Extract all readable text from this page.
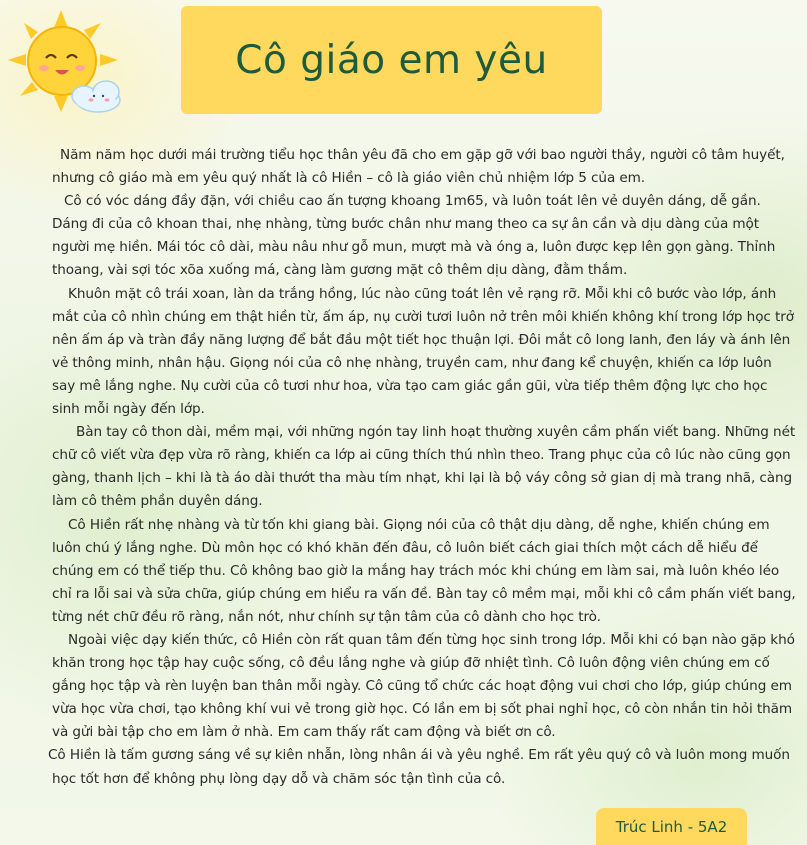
Cô giáo em yêu

Năm năm học dưới mái trường tiểu học thân yêu đã cho em gặp gỡ với bao người thầy, người cô tâm huyết, nhưng cô giáo mà em yêu quý nhất là cô Hiền – cô là giáo viên chủ nhiệm lớp 5 của em.

Cô có vóc dáng đầy đặn, với chiều cao ấn tượng khoang 1m65, và luôn toát lên vẻ duyên dáng, dễ gần. Dáng đi của cô khoan thai, nhẹ nhàng, từng bước chân như mang theo ca sự ân cần và dịu dàng của một người mẹ hiền. Mái tóc cô dài, màu nâu như gỗ mun, mượt mà và óng a, luôn được kẹp lên gọn gàng. Thỉnh thoang, vài sợi tóc xõa xuống má, càng làm gương mặt cô thêm dịu dàng, đằm thắm.

Khuôn mặt cô trái xoan, làn da trắng hồng, lúc nào cũng toát lên vẻ rạng rỡ. Mỗi khi cô bước vào lớp, ánh mắt của cô nhìn chúng em thật hiền từ, ấm áp, nụ cười tươi luôn nở trên môi khiến không khí trong lớp học trở nên ấm áp và tràn đầy năng lượng để bắt đầu một tiết học thuận lợi. Đôi mắt cô long lanh, đen láy và ánh lên vẻ thông minh, nhân hậu. Giọng nói của cô nhẹ nhàng, truyền cam, như đang kể chuyện, khiến ca lớp luôn say mê lắng nghe. Nụ cười của cô tươi như hoa, vừa tạo cam giác gần gũi, vừa tiếp thêm động lực cho học sinh mỗi ngày đến lớp.

Bàn tay cô thon dài, mềm mại, với những ngón tay linh hoạt thường xuyên cầm phấn viết bang. Những nét chữ cô viết vừa đẹp vừa rõ ràng, khiến ca lớp ai cũng thích thú nhìn theo. Trang phục của cô lúc nào cũng gọn gàng, thanh lịch – khi là tà áo dài thướt tha màu tím nhạt, khi lại là bộ váy công sở gian dị mà trang nhã, càng làm cô thêm phần duyên dáng.

Cô Hiền rất nhẹ nhàng và từ tốn khi giang bài. Giọng nói của cô thật dịu dàng, dễ nghe, khiến chúng em luôn chú ý lắng nghe. Dù môn học có khó khăn đến đâu, cô luôn biết cách giai thích một cách dễ hiểu để chúng em có thể tiếp thu. Cô không bao giờ la mắng hay trách móc khi chúng em làm sai, mà luôn khéo léo chỉ ra lỗi sai và sửa chữa, giúp chúng em hiểu ra vấn đề. Bàn tay cô mềm mại, mỗi khi cô cầm phấn viết bang, từng nét chữ đều rõ ràng, nắn nót, như chính sự tận tâm của cô dành cho học trò.

Ngoài việc dạy kiến thức, cô Hiền còn rất quan tâm đến từng học sinh trong lớp. Mỗi khi có bạn nào gặp khó khăn trong học tập hay cuộc sống, cô đều lắng nghe và giúp đỡ nhiệt tình. Cô luôn động viên chúng em cố gắng học tập và rèn luyện ban thân mỗi ngày. Cô cũng tổ chức các hoạt động vui chơi cho lớp, giúp chúng em vừa học vừa chơi, tạo không khí vui vẻ trong giờ học. Có lần em bị sốt phai nghỉ học, cô còn nhắn tin hỏi thăm và gửi bài tập cho em làm ở nhà. Em cam thấy rất cam động và biết ơn cô.

Cô Hiền là tấm gương sáng về sự kiên nhẫn, lòng nhân ái và yêu nghề. Em rất yêu quý cô và luôn mong muốn học tốt hơn để không phụ lòng dạy dỗ và chăm sóc tận tình của cô.

Trúc Linh - 5A2
